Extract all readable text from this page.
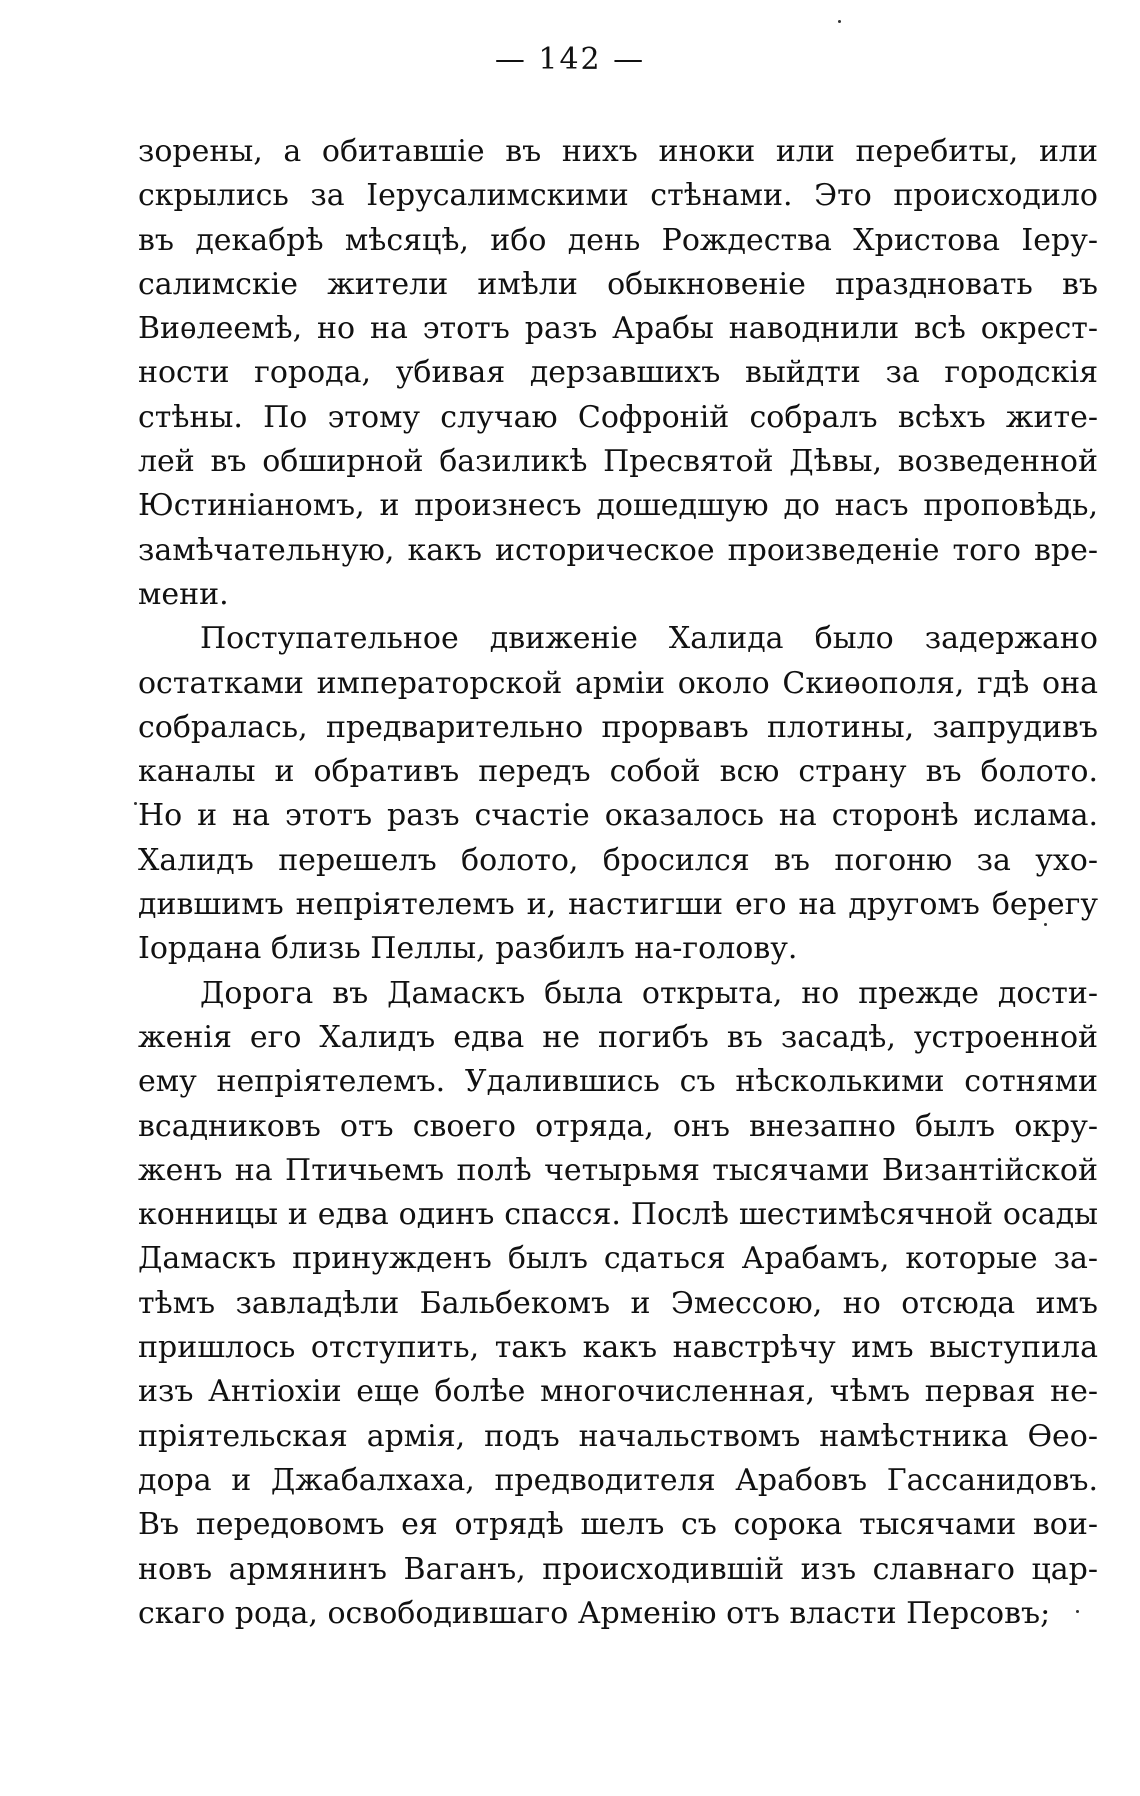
— 142 —

зорены, а обитавшіе въ нихъ иноки или перебиты, или
скрылись за Іерусалимскими стѣнами. Это происходило
въ декабрѣ мѣсяцѣ, ибо день Рождества Христова Іеру-
салимскіе жители имѣли обыкновеніе праздновать въ
Виѳлеемѣ, но на этотъ разъ Арабы наводнили всѣ окрест-
ности города, убивая дерзавшихъ выйдти за городскія
стѣны. По этому случаю Софроній собралъ всѣхъ жите-
лей въ обширной базиликѣ Пресвятой Дѣвы, возведенной
Юстиніаномъ, и произнесъ дошедшую до насъ проповѣдь,
замѣчательную, какъ историческое произведеніе того вре-
мени.

Поступательное движеніе Халида было задержано
остатками императорской арміи около Скиѳополя, гдѣ она
собралась, предварительно прорвавъ плотины, запрудивъ
каналы и обративъ передъ собой всю страну въ болото.
Но и на этотъ разъ счастіе оказалось на сторонѣ ислама.
Халидъ перешелъ болото, бросился въ погоню за ухо-
дившимъ непріятелемъ и, настигши его на другомъ берегу
Іордана близь Пеллы, разбилъ на-голову.

Дорога въ Дамаскъ была открыта, но прежде дости-
женія его Халидъ едва не погибъ въ засадѣ, устроенной
ему непріятелемъ. Удалившись съ нѣсколькими сотнями
всадниковъ отъ своего отряда, онъ внезапно былъ окру-
женъ на Птичьемъ полѣ четырьмя тысячами Византійской
конницы и едва одинъ спасся. Послѣ шестимѣсячной осады
Дамаскъ принужденъ былъ сдаться Арабамъ, которые за-
тѣмъ завладѣли Бальбекомъ и Эмессою, но отсюда имъ
пришлось отступить, такъ какъ навстрѣчу имъ выступила
изъ Антіохіи еще болѣе многочисленная, чѣмъ первая не-
пріятельская армія, подъ начальствомъ намѣстника Ѳео-
дора и Джабалхаха, предводителя Арабовъ Гассанидовъ.
Въ передовомъ ея отрядѣ шелъ съ сорока тысячами вои-
новъ армянинъ Ваганъ, происходившій изъ славнаго цар-
скаго рода, освободившаго Арменію отъ власти Персовъ;
